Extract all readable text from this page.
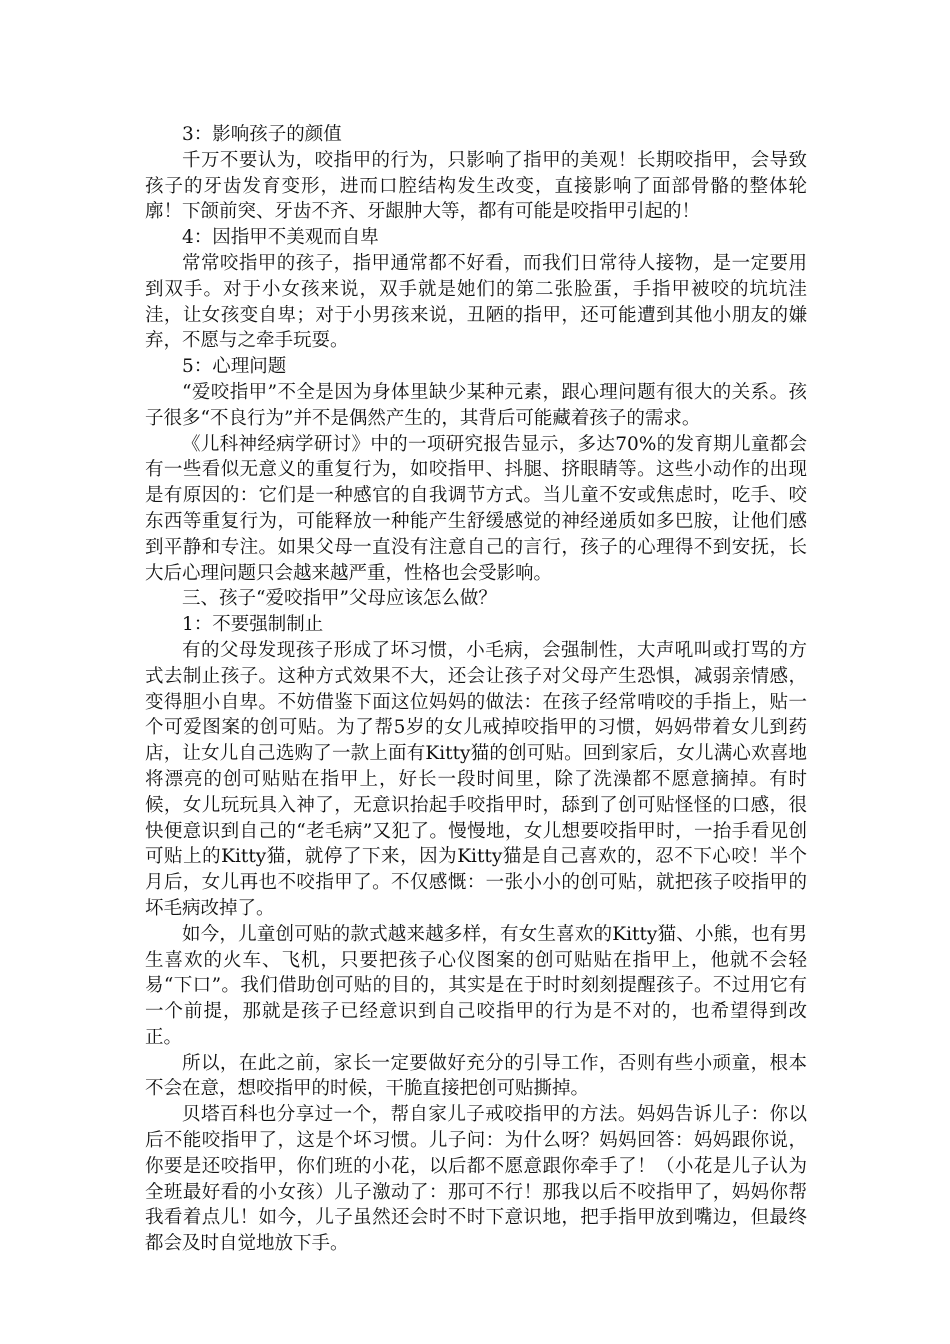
3：影响孩子的颜值

千万不要认为，咬指甲的行为，只影响了指甲的美观！长期咬指甲，会导致孩子的牙齿发育变形，进而口腔结构发生改变，直接影响了面部骨骼的整体轮廓！下颌前突、牙齿不齐、牙龈肿大等，都有可能是咬指甲引起的！

4：因指甲不美观而自卑

常常咬指甲的孩子，指甲通常都不好看，而我们日常待人接物，是一定要用到双手。对于小女孩来说，双手就是她们的第二张脸蛋，手指甲被咬的坑坑洼洼，让女孩变自卑；对于小男孩来说，丑陋的指甲，还可能遭到其他小朋友的嫌弃，不愿与之牵手玩耍。

5：心理问题

“爱咬指甲”不全是因为身体里缺少某种元素，跟心理问题有很大的关系。孩子很多“不良行为”并不是偶然产生的，其背后可能藏着孩子的需求。

《儿科神经病学研讨》中的一项研究报告显示，多达70%的发育期儿童都会有一些看似无意义的重复行为，如咬指甲、抖腿、挤眼睛等。这些小动作的出现是有原因的：它们是一种感官的自我调节方式。当儿童不安或焦虑时，吃手、咬东西等重复行为，可能释放一种能产生舒缓感觉的神经递质如多巴胺，让他们感到平静和专注。如果父母一直没有注意自己的言行，孩子的心理得不到安抚，长大后心理问题只会越来越严重，性格也会受影响。

三、孩子“爱咬指甲”父母应该怎么做？

1：不要强制制止

有的父母发现孩子形成了坏习惯，小毛病，会强制性，大声吼叫或打骂的方式去制止孩子。这种方式效果不大，还会让孩子对父母产生恐惧，减弱亲情感，变得胆小自卑。不妨借鉴下面这位妈妈的做法：在孩子经常啃咬的手指上，贴一个可爱图案的创可贴。为了帮5岁的女儿戒掉咬指甲的习惯，妈妈带着女儿到药店，让女儿自己选购了一款上面有Kitty猫的创可贴。回到家后，女儿满心欢喜地将漂亮的创可贴贴在指甲上，好长一段时间里，除了洗澡都不愿意摘掉。有时候，女儿玩玩具入神了，无意识抬起手咬指甲时，舔到了创可贴怪怪的口感，很快便意识到自己的“老毛病”又犯了。慢慢地，女儿想要咬指甲时，一抬手看见创可贴上的Kitty猫，就停了下来，因为Kitty猫是自己喜欢的，忍不下心咬！半个月后，女儿再也不咬指甲了。不仅感慨：一张小小的创可贴，就把孩子咬指甲的坏毛病改掉了。

如今，儿童创可贴的款式越来越多样，有女生喜欢的Kitty猫、小熊，也有男生喜欢的火车、飞机，只要把孩子心仪图案的创可贴贴在指甲上，他就不会轻易“下口”。我们借助创可贴的目的，其实是在于时时刻刻提醒孩子。不过用它有一个前提，那就是孩子已经意识到自己咬指甲的行为是不对的，也希望得到改正。

所以，在此之前，家长一定要做好充分的引导工作，否则有些小顽童，根本不会在意，想咬指甲的时候，干脆直接把创可贴撕掉。

贝塔百科也分享过一个，帮自家儿子戒咬指甲的方法。妈妈告诉儿子：你以后不能咬指甲了，这是个坏习惯。儿子问：为什么呀？妈妈回答：妈妈跟你说，你要是还咬指甲，你们班的小花，以后都不愿意跟你牵手了！（小花是儿子认为全班最好看的小女孩）儿子激动了：那可不行！那我以后不咬指甲了，妈妈你帮我看着点儿！如今，儿子虽然还会时不时下意识地，把手指甲放到嘴边，但最终都会及时自觉地放下手。
